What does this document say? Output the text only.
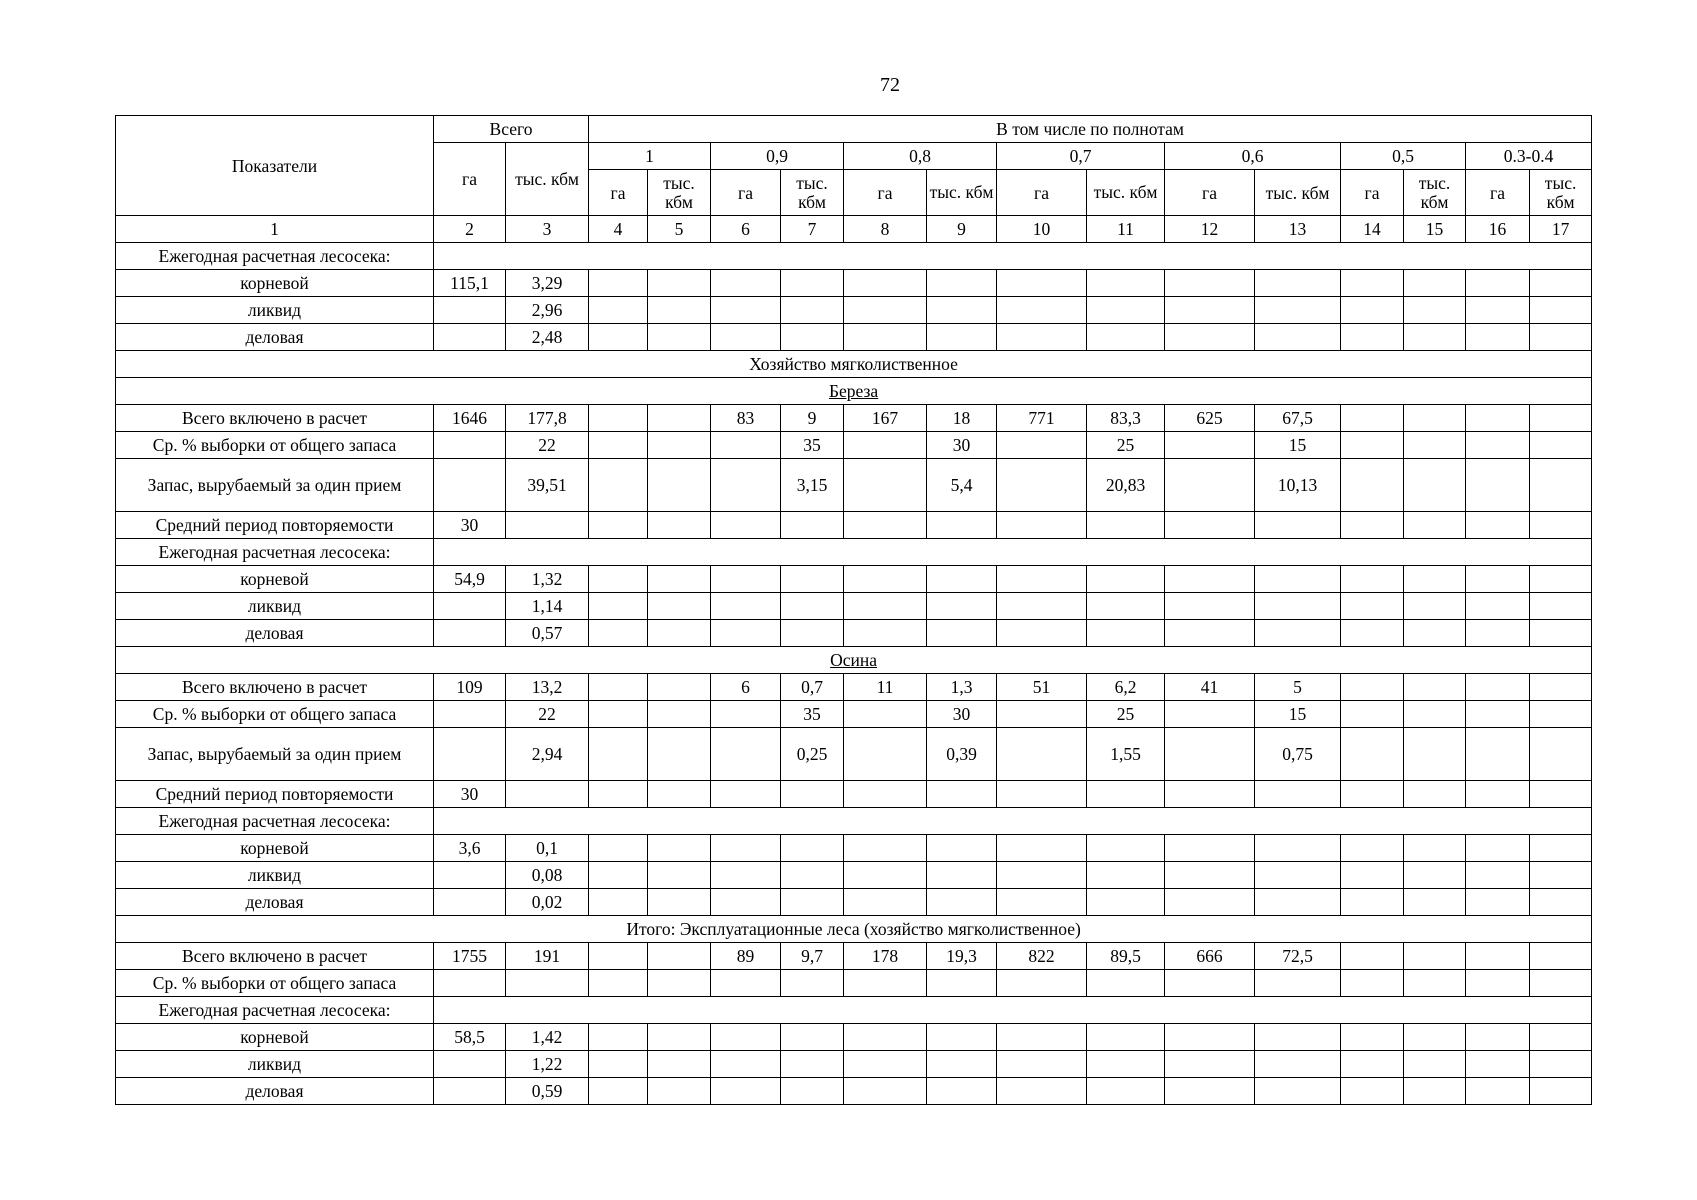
72
Показатели	Всего		В том числе по полнотам													
	га	тыс. кбм	1		0,9		0,8		0,7		0,6		0,5		0.3-0.4	
			га	тыс. кбм	га	тыс. кбм	га	тыс. кбм	га	тыс. кбм	га	тыс. кбм	га	тыс. кбм	га	тыс. кбм
1	2	3	4	5	6	7	8	9	10	11	12	13	14	15	16	17
Ежегодная расчетная лесосека:																
корневой	115,1	3,29														
ликвид		2,96														
деловая		2,48														
Хозяйство мягколиственное																
Береза																
Всего включено в расчет	1646	177,8			83	9	167	18	771	83,3	625	67,5				
Ср. % выборки от общего запаса		22				35		30		25		15				
Запас, вырубаемый за один прием		39,51				3,15		5,4		20,83		10,13				
Средний период повторяемости	30															
Ежегодная расчетная лесосека:																
корневой	54,9	1,32														
ликвид		1,14														
деловая		0,57														
Осина																
Всего включено в расчет	109	13,2			6	0,7	11	1,3	51	6,2	41	5				
Ср. % выборки от общего запаса		22				35		30		25		15				
Запас, вырубаемый за один прием		2,94				0,25		0,39		1,55		0,75				
Средний период повторяемости	30															
Ежегодная расчетная лесосека:																
корневой	3,6	0,1														
ликвид		0,08														
деловая		0,02														
Итого: Эксплуатационные леса (хозяйство мягколиственное)																
Всего включено в расчет	1755	191			89	9,7	178	19,3	822	89,5	666	72,5				
Ср. % выборки от общего запаса																
Ежегодная расчетная лесосека:																
корневой	58,5	1,42														
ликвид		1,22														
деловая		0,59														
